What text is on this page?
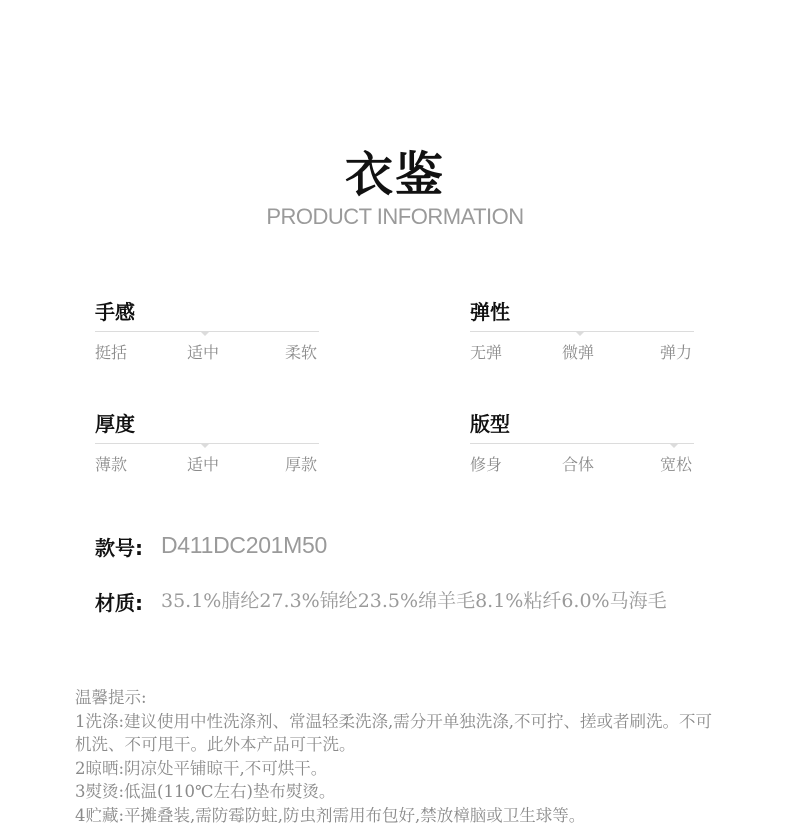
衣鉴
PRODUCT INFORMATION
手感
挺括	适中	柔软
弹性
无弹	微弹	弹力
厚度
薄款	适中	厚款
版型
修身	合体	宽松
款号: D411DC201M50
材质: 35.1%腈纶27.3%锦纶23.5%绵羊毛8.1%粘纤6.0%马海毛
温馨提示:
1洗涤:建议使用中性洗涤剂、常温轻柔洗涤,需分开单独洗涤,不可拧、搓或者刷洗。不可机洗、不可甩干。此外本产品可干洗。
2晾晒:阴凉处平铺晾干,不可烘干。
3熨烫:低温(110℃左右)垫布熨烫。
4贮藏:平摊叠装,需防霉防蛀,防虫剂需用布包好,禁放樟脑或卫生球等。
